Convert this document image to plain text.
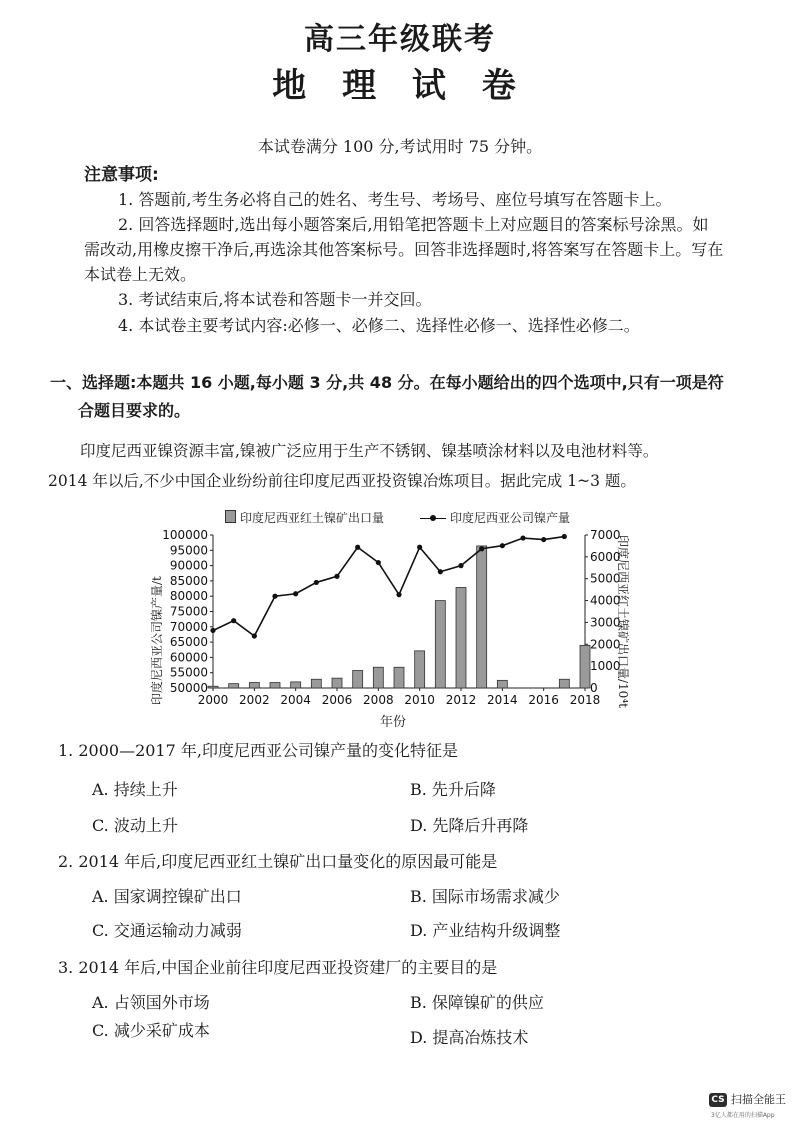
高三年级联考
地 理 试 卷
本试卷满分 100 分,考试用时 75 分钟。
注意事项:
1. 答题前,考生务必将自己的姓名、考生号、考场号、座位号填写在答题卡上。
2. 回答选择题时,选出每小题答案后,用铅笔把答题卡上对应题目的答案标号涂黑。如需改动,用橡皮擦干净后,再选涂其他答案标号。回答非选择题时,将答案写在答题卡上。写在本试卷上无效。
3. 考试结束后,将本试卷和答题卡一并交回。
4. 本试卷主要考试内容:必修一、必修二、选择性必修一、选择性必修二。
一、选择题:本题共 16 小题,每小题 3 分,共 48 分。在每小题给出的四个选项中,只有一项是符
合题目要求的。
印度尼西亚镍资源丰富,镍被广泛应用于生产不锈钢、镍基喷涂材料以及电池材料等。
2014 年以后,不少中国企业纷纷前往印度尼西亚投资镍冶炼项目。据此完成 1~3 题。
印度尼西亚红土镍矿出口量	印度尼西亚公司镍产量
印度尼西亚公司镍产量/t	印度尼西亚红土镍矿出口量/10⁴t
年份
50000
55000
60000
65000
70000
75000
80000
85000
90000
95000
100000
0
1000
2000
3000
4000
5000
6000
7000
2000 2002 2004 2006 2008 2010 2012 2014 2016 2018
1. 2000—2017 年,印度尼西亚公司镍产量的变化特征是
A. 持续上升	B. 先升后降
C. 波动上升	D. 先降后升再降
2. 2014 年后,印度尼西亚红土镍矿出口量变化的原因最可能是
A. 国家调控镍矿出口	B. 国际市场需求减少
C. 交通运输动力减弱	D. 产业结构升级调整
3. 2014 年后,中国企业前往印度尼西亚投资建厂的主要目的是
A. 占领国外市场	B. 保障镍矿的供应
C. 减少采矿成本	D. 提高冶炼技术
CS 扫描全能王
3亿人都在用的扫描App
